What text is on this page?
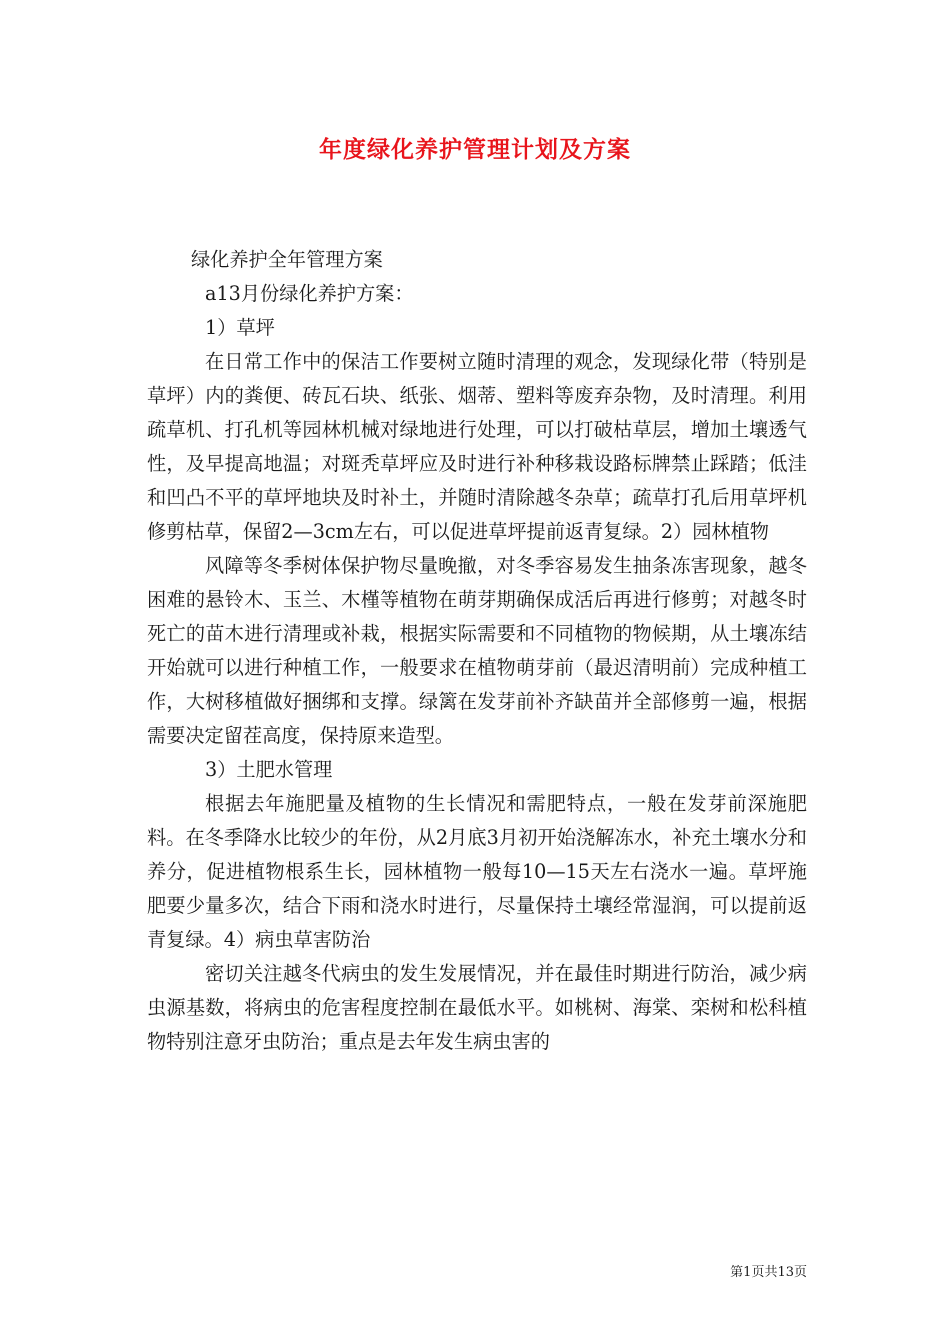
年度绿化养护管理计划及方案

绿化养护全年管理方案

a13月份绿化养护方案：

1）草坪

在日常工作中的保洁工作要树立随时清理的观念，发现绿化带（特别是草坪）内的粪便、砖瓦石块、纸张、烟蒂、塑料等废弃杂物，及时清理。利用疏草机、打孔机等园林机械对绿地进行处理，可以打破枯草层，增加土壤透气性，及早提高地温；对斑秃草坪应及时进行补种移栽设路标牌禁止踩踏；低洼和凹凸不平的草坪地块及时补土，并随时清除越冬杂草；疏草打孔后用草坪机修剪枯草，保留2—3cm左右，可以促进草坪提前返青复绿。2）园林植物

风障等冬季树体保护物尽量晚撤，对冬季容易发生抽条冻害现象，越冬困难的悬铃木、玉兰、木槿等植物在萌芽期确保成活后再进行修剪；对越冬时死亡的苗木进行清理或补栽，根据实际需要和不同植物的物候期，从土壤冻结开始就可以进行种植工作，一般要求在植物萌芽前（最迟清明前）完成种植工作，大树移植做好捆绑和支撑。绿篱在发芽前补齐缺苗并全部修剪一遍，根据需要决定留茬高度，保持原来造型。

3）土肥水管理

根据去年施肥量及植物的生长情况和需肥特点，一般在发芽前深施肥料。在冬季降水比较少的年份，从2月底3月初开始浇解冻水，补充土壤水分和养分，促进植物根系生长，园林植物一般每10—15天左右浇水一遍。草坪施肥要少量多次，结合下雨和浇水时进行，尽量保持土壤经常湿润，可以提前返青复绿。4）病虫草害防治

密切关注越冬代病虫的发生发展情况，并在最佳时期进行防治，减少病虫源基数，将病虫的危害程度控制在最低水平。如桃树、海棠、栾树和松科植物特别注意牙虫防治；重点是去年发生病虫害的

第1页共13页
